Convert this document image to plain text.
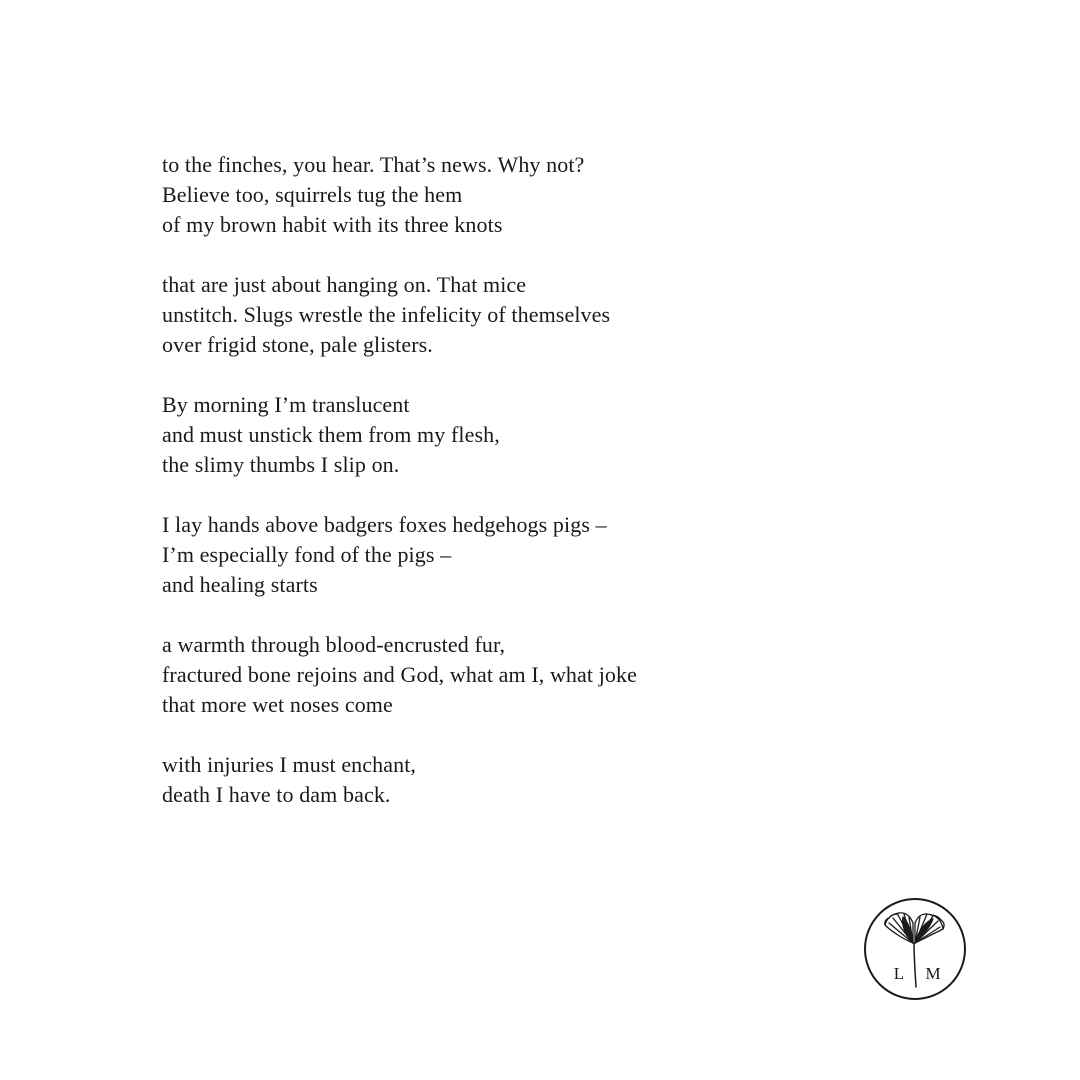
to the finches, you hear. That’s news. Why not?
Believe too, squirrels tug the hem
of my brown habit with its three knots
that are just about hanging on. That mice
unstitch. Slugs wrestle the infelicity of themselves
over frigid stone, pale glisters.
By morning I’m translucent
and must unstick them from my flesh,
the slimy thumbs I slip on.
I lay hands above badgers foxes hedgehogs pigs –
I’m especially fond of the pigs –
and healing starts
a warmth through blood-encrusted fur,
fractured bone rejoins and God, what am I, what joke
that more wet noses come
with injuries I must enchant,
death I have to dam back.
L M
